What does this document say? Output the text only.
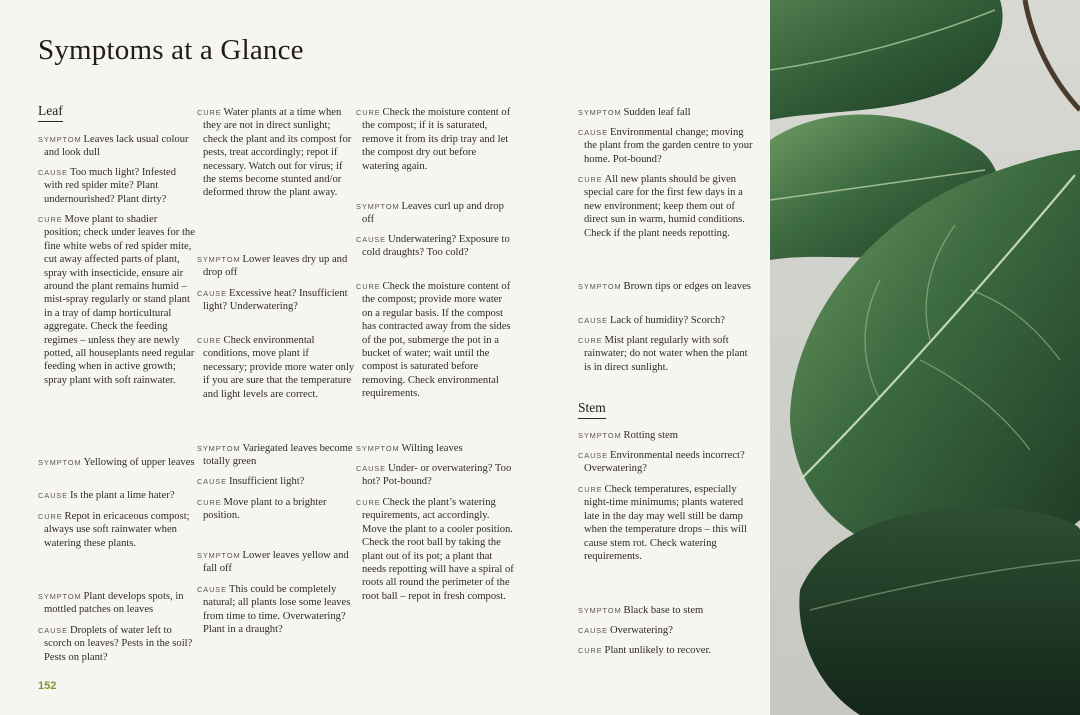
Symptoms at a Glance
Leaf
SYMPTOM Leaves lack usual colour and look dull
CAUSE Too much light? Infested with red spider mite? Plant undernourished? Plant dirty?
CURE Move plant to shadier position; check under leaves for the fine white webs of red spider mite, cut away affected parts of plant, spray with insecticide, ensure air around the plant remains humid – mist-spray regularly or stand plant in a tray of damp horticultural aggregate. Check the feeding regimes – unless they are newly potted, all houseplants need regular feeding when in active growth; spray plant with soft rainwater.
SYMPTOM Yellowing of upper leaves
CAUSE Is the plant a lime hater?
CURE Repot in ericaceous compost; always use soft rainwater when watering these plants.
SYMPTOM Plant develops spots, in mottled patches on leaves
CAUSE Droplets of water left to scorch on leaves? Pests in the soil? Pests on plant?
CURE Water plants at a time when they are not in direct sunlight; check the plant and its compost for pests, treat accordingly; repot if necessary. Watch out for virus; if the stems become stunted and/or deformed throw the plant away.
SYMPTOM Lower leaves dry up and drop off
CAUSE Excessive heat? Insufficient light? Underwatering?
CURE Check environmental conditions, move plant if necessary; provide more water only if you are sure that the temperature and light levels are correct.
SYMPTOM Variegated leaves become totally green
CAUSE Insufficient light?
CURE Move plant to a brighter position.
SYMPTOM Lower leaves yellow and fall off
CAUSE This could be completely natural; all plants lose some leaves from time to time. Overwatering? Plant in a draught?
CURE Check the moisture content of the compost; if it is saturated, remove it from its drip tray and let the compost dry out before watering again.
SYMPTOM Leaves curl up and drop off
CAUSE Underwatering? Exposure to cold draughts? Too cold?
CURE Check the moisture content of the compost; provide more water on a regular basis. If the compost has contracted away from the sides of the pot, submerge the pot in a bucket of water; wait until the compost is saturated before removing. Check environmental requirements.
SYMPTOM Wilting leaves
CAUSE Under- or overwatering? Too hot? Pot-bound?
CURE Check the plant’s watering requirements, act accordingly. Move the plant to a cooler position. Check the root ball by taking the plant out of its pot; a plant that needs repotting will have a spiral of roots all round the perimeter of the root ball – repot in fresh compost.
SYMPTOM Sudden leaf fall
CAUSE Environmental change; moving the plant from the garden centre to your home. Pot-bound?
CURE All new plants should be given special care for the first few days in a new environment; keep them out of direct sun in warm, humid conditions. Check if the plant needs repotting.
SYMPTOM Brown tips or edges on leaves
CAUSE Lack of humidity? Scorch?
CURE Mist plant regularly with soft rainwater; do not water when the plant is in direct sunlight.
Stem
SYMPTOM Rotting stem
CAUSE Environmental needs incorrect? Overwatering?
CURE Check temperatures, especially night-time minimums; plants watered late in the day may well still be damp when the temperature drops – this will cause stem rot. Check watering requirements.
SYMPTOM Black base to stem
CAUSE Overwatering?
CURE Plant unlikely to recover.
152
